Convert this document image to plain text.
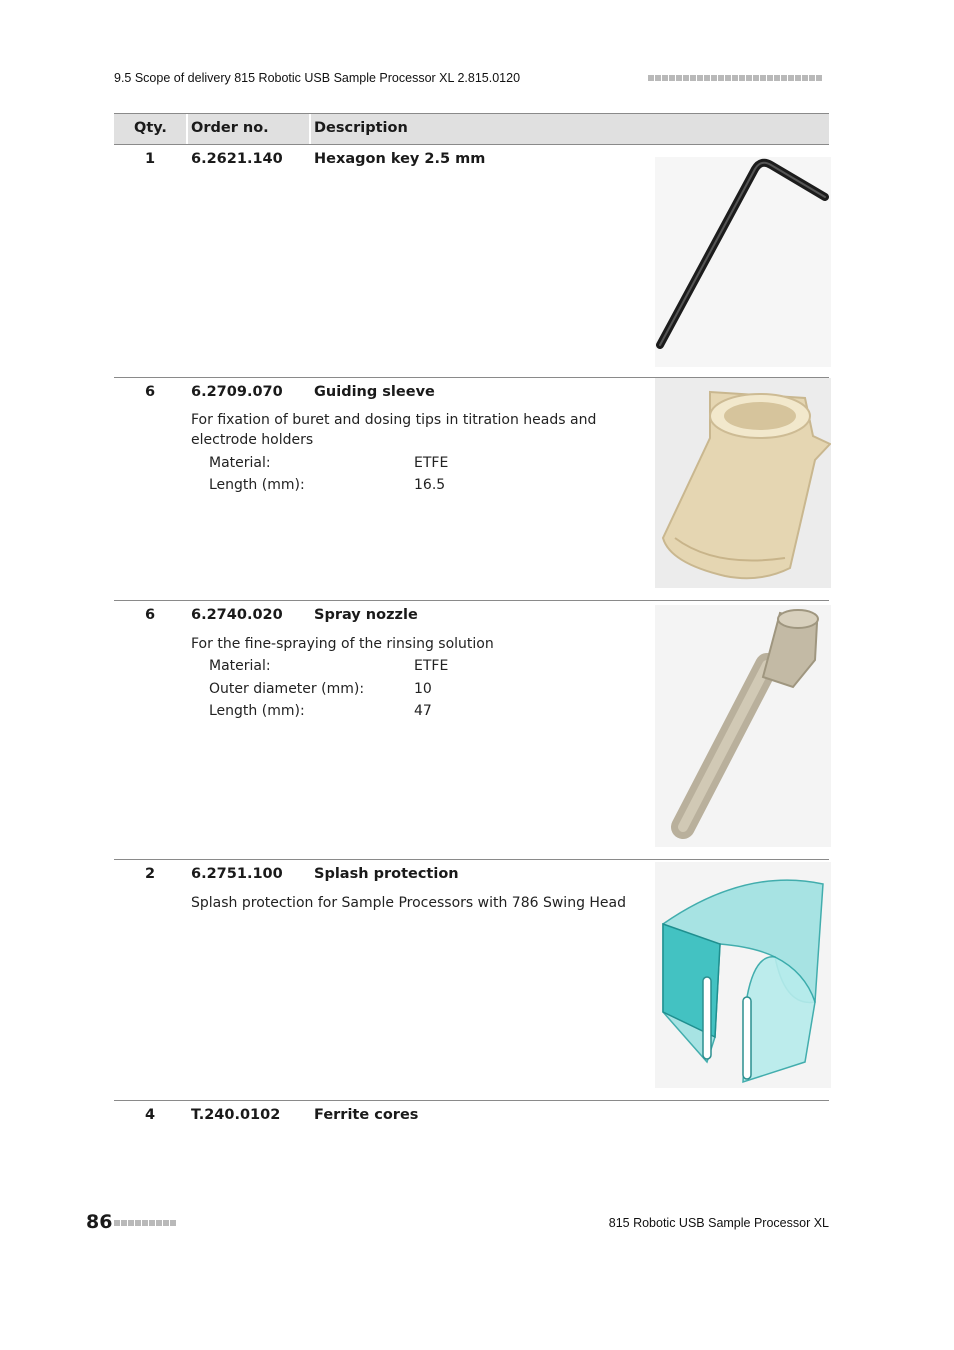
9.5 Scope of delivery 815 Robotic USB Sample Processor XL 2.815.0120
Qty. Order no.	Description
1	6.2621.140 Hexagon key 2.5 mm
6	6.2709.070 Guiding sleeve
For fixation of buret and dosing tips in titration heads and electrode holders
Material:	ETFE
Length (mm):	16.5
6	6.2740.020 Spray nozzle
For the fine-spraying of the rinsing solution
Material:	ETFE
Outer diameter (mm):	10
Length (mm):	47
2	6.2751.100 Splash protection
Splash protection for Sample Processors with 786 Swing Head
4	T.240.0102 Ferrite cores
86	815 Robotic USB Sample Processor XL
